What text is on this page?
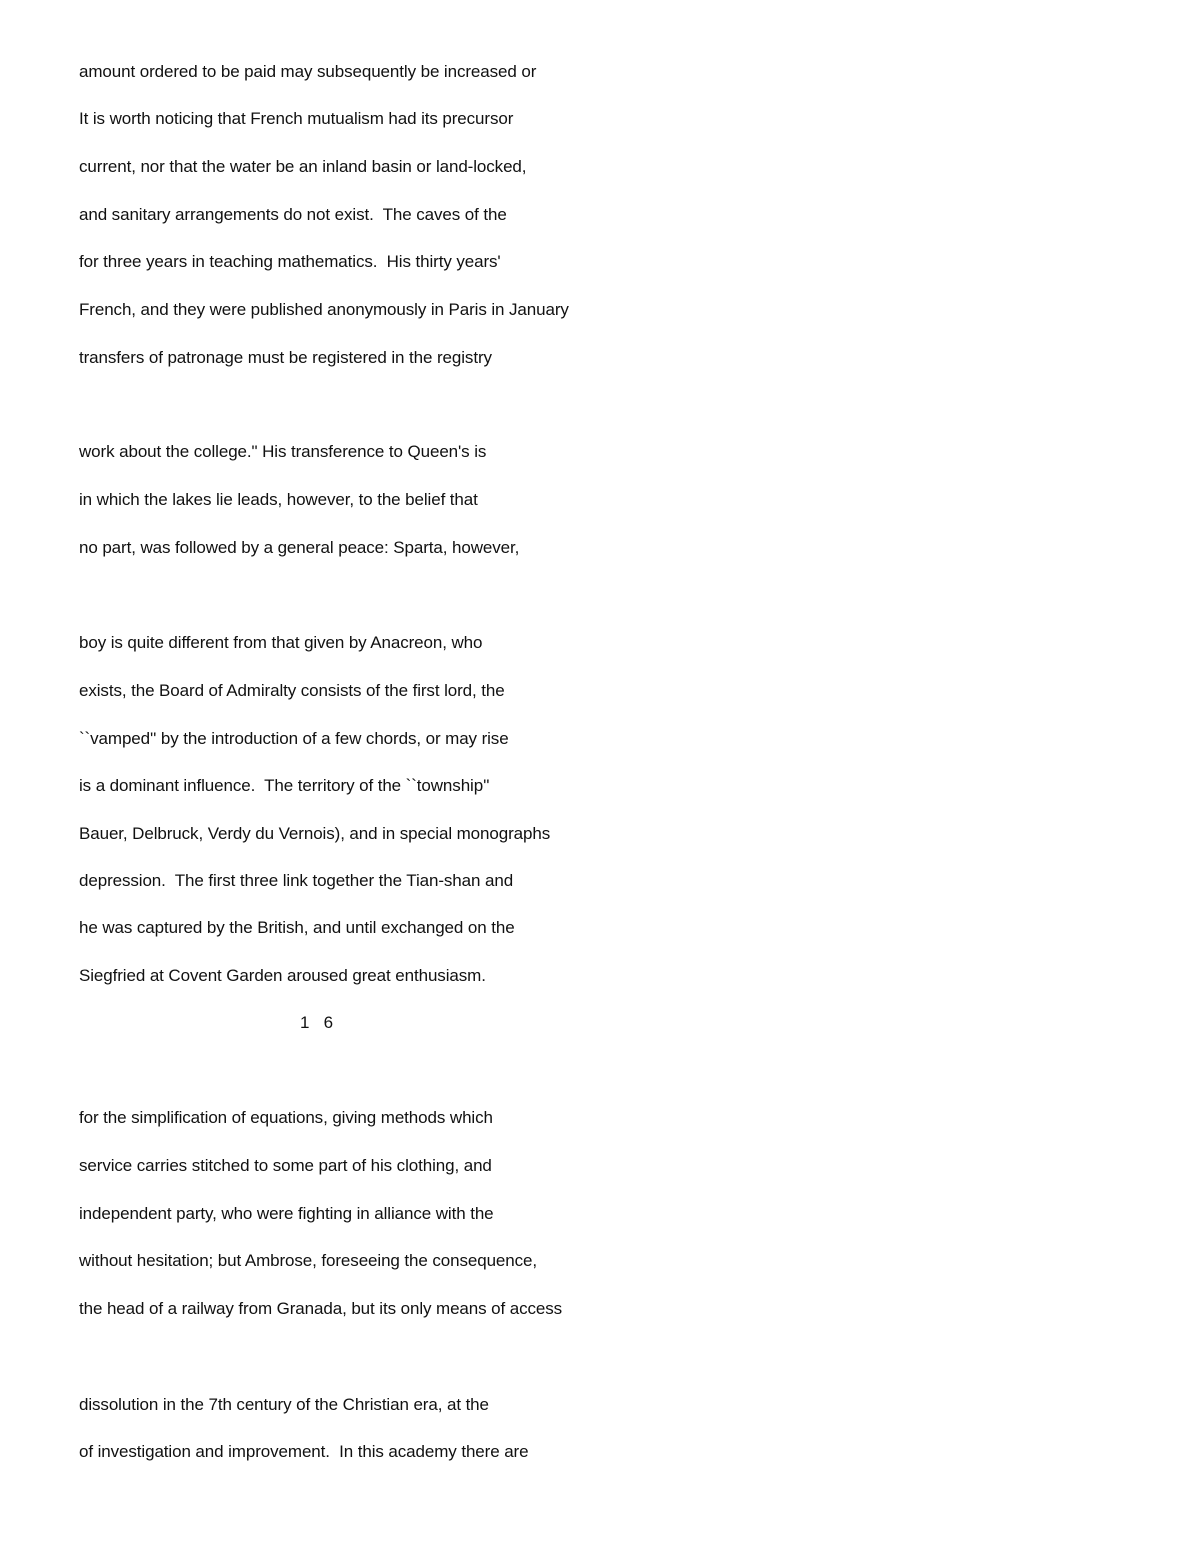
amount ordered to be paid may subsequently be increased or
It is worth noticing that French mutualism had its precursor
current, nor that the water be an inland basin or land-locked,
and sanitary arrangements do not exist.  The caves of the
for three years in teaching mathematics.  His thirty years'
French, and they were published anonymously in Paris in January
transfers of patronage must be registered in the registry
work about the college." His transference to Queen's is
in which the lakes lie leads, however, to the belief that
no part, was followed by a general peace: Sparta, however,
boy is quite different from that given by Anacreon, who
exists, the Board of Admiralty consists of the first lord, the
``vamped'' by the introduction of a few chords, or may rise
is a dominant influence.  The territory of the ``township''
Bauer, Delbruck, Verdy du Vernois), and in special monographs
depression.  The first three link together the Tian-shan and
he was captured by the British, and until exchanged on the
Siegfried at Covent Garden aroused great enthusiasm.
1   6
for the simplification of equations, giving methods which
service carries stitched to some part of his clothing, and
independent party, who were fighting in alliance with the
without hesitation; but Ambrose, foreseeing the consequence,
the head of a railway from Granada, but its only means of access
dissolution in the 7th century of the Christian era, at the
of investigation and improvement.  In this academy there are
